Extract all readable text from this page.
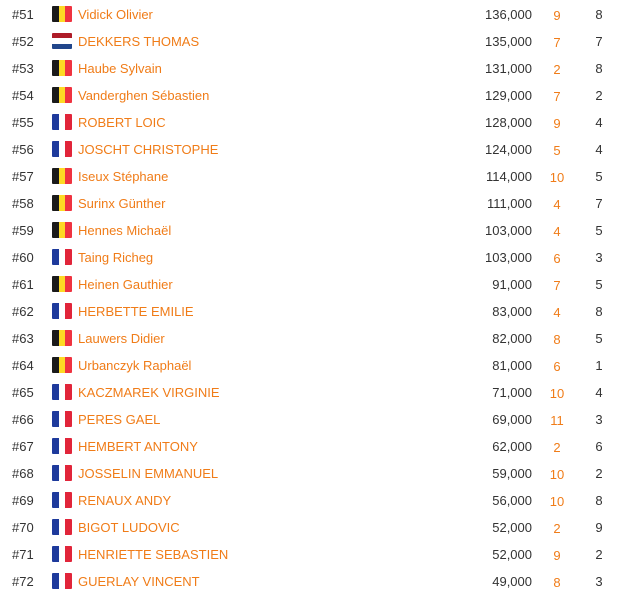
#51	Vidick Olivier	136,000	9	8
#52	DEKKERS THOMAS	135,000	7	7
#53	Haube Sylvain	131,000	2	8
#54	Vanderghen Sébastien	129,000	7	2
#55	ROBERT LOIC	128,000	9	4
#56	JOSCHT CHRISTOPHE	124,000	5	4
#57	Iseux Stéphane	114,000	10	5
#58	Surinx Günther	111,000	4	7
#59	Hennes Michaël	103,000	4	5
#60	Taing Richeg	103,000	6	3
#61	Heinen Gauthier	91,000	7	5
#62	HERBETTE EMILIE	83,000	4	8
#63	Lauwers Didier	82,000	8	5
#64	Urbanczyk Raphaël	81,000	6	1
#65	KACZMAREK VIRGINIE	71,000	10	4
#66	PERES GAEL	69,000	11	3
#67	HEMBERT ANTONY	62,000	2	6
#68	JOSSELIN EMMANUEL	59,000	10	2
#69	RENAUX ANDY	56,000	10	8
#70	BIGOT LUDOVIC	52,000	2	9
#71	HENRIETTE SEBASTIEN	52,000	9	2
#72	GUERLAY VINCENT	49,000	8	3
